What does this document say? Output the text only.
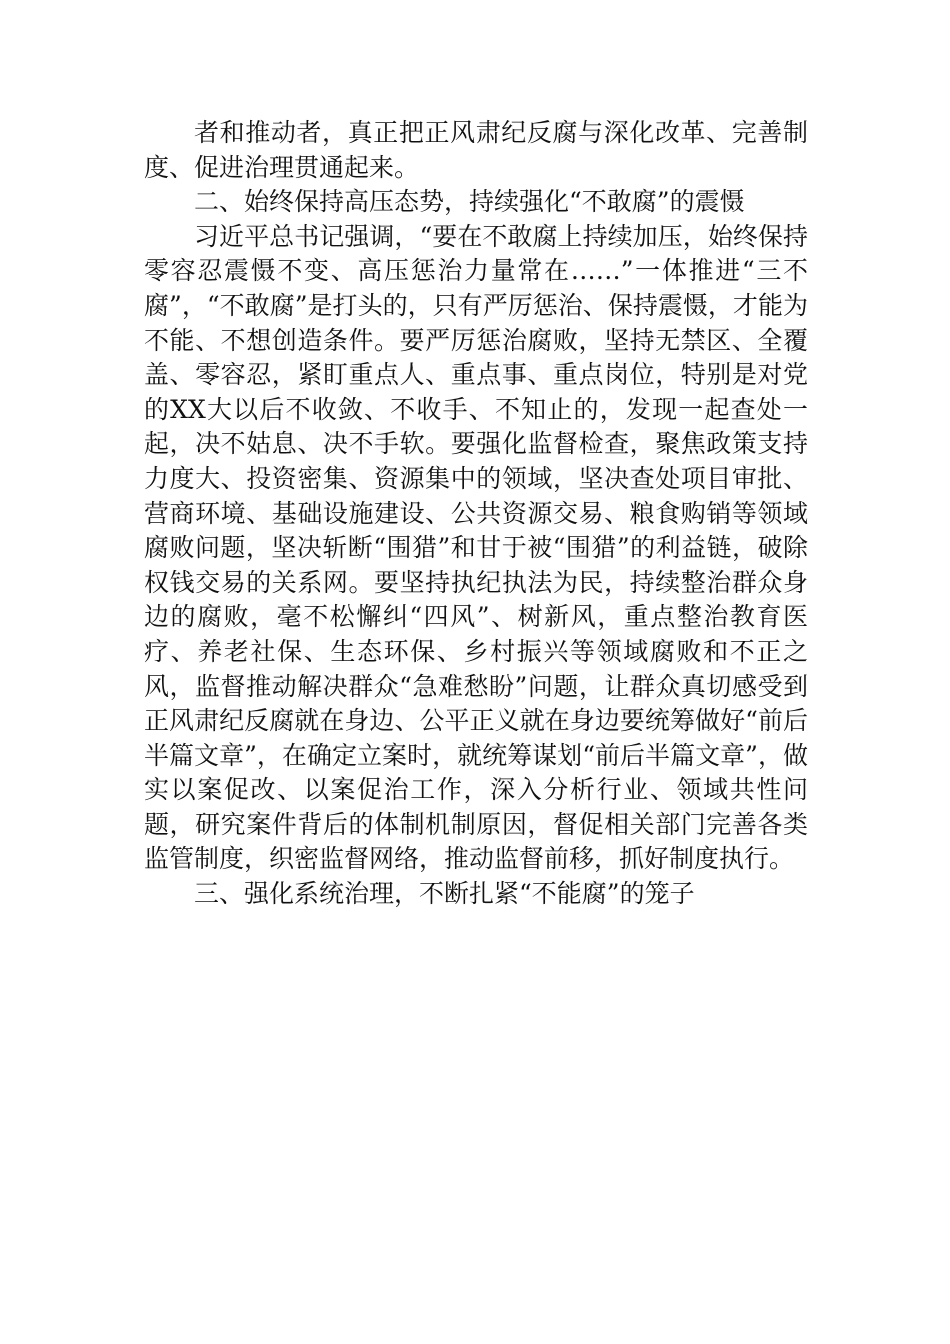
者和推动者，真正把正风肃纪反腐与深化改革、完善制度、促进治理贯通起来。

二、始终保持高压态势，持续强化“不敢腐”的震慑

习近平总书记强调，“要在不敢腐上持续加压，始终保持零容忍震慑不变、高压惩治力量常在……”一体推进“三不腐”，“不敢腐”是打头的，只有严厉惩治、保持震慑，才能为不能、不想创造条件。要严厉惩治腐败，坚持无禁区、全覆盖、零容忍，紧盯重点人、重点事、重点岗位，特别是对党的XX大以后不收敛、不收手、不知止的，发现一起查处一起，决不姑息、决不手软。要强化监督检查，聚焦政策支持力度大、投资密集、资源集中的领域，坚决查处项目审批、营商环境、基础设施建设、公共资源交易、粮食购销等领域腐败问题，坚决斩断“围猎”和甘于被“围猎”的利益链，破除权钱交易的关系网。要坚持执纪执法为民，持续整治群众身边的腐败，毫不松懈纠“四风”、树新风，重点整治教育医疗、养老社保、生态环保、乡村振兴等领域腐败和不正之风，监督推动解决群众“急难愁盼”问题，让群众真切感受到正风肃纪反腐就在身边、公平正义就在身边要统筹做好“前后半篇文章”，在确定立案时，就统筹谋划“前后半篇文章”，做实以案促改、以案促治工作，深入分析行业、领域共性问题，研究案件背后的体制机制原因，督促相关部门完善各类监管制度，织密监督网络，推动监督前移，抓好制度执行。

三、强化系统治理，不断扎紧“不能腐”的笼子
